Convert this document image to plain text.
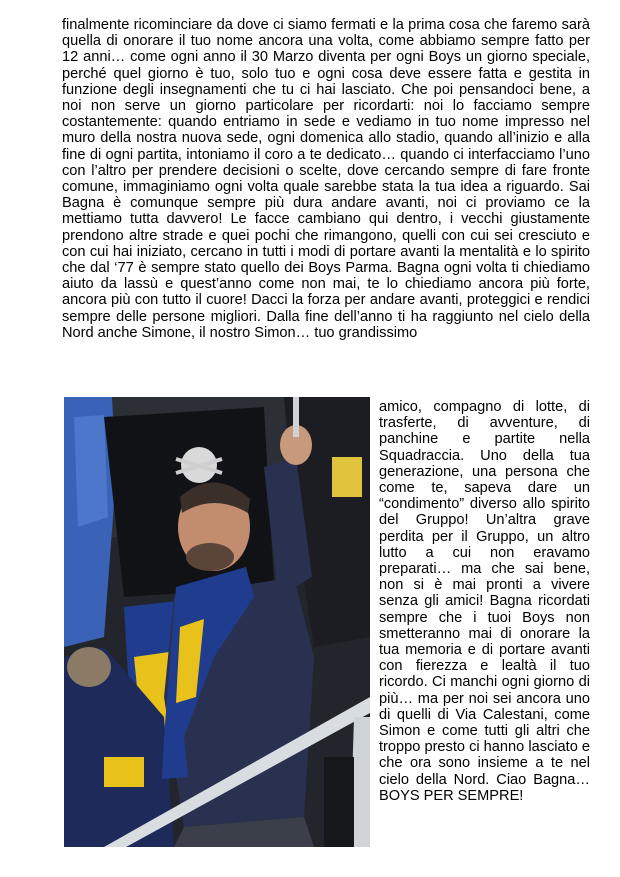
finalmente ricominciare da dove ci siamo fermati e la prima cosa che faremo sarà quella di onorare il tuo nome ancora una volta, come abbiamo sempre fatto per 12 anni… come ogni anno il 30 Marzo diventa per ogni Boys un giorno speciale, perché quel giorno è tuo, solo tuo e ogni cosa deve essere fatta e gestita in funzione degli insegnamenti che tu ci hai lasciato. Che poi pensandoci bene, a noi non serve un giorno particolare per ricordarti: noi lo facciamo sempre costantemente: quando entriamo in sede e vediamo in tuo nome impresso nel muro della nostra nuova sede, ogni domenica allo stadio, quando all’inizio e alla fine di ogni partita, intoniamo il coro a te dedicato… quando ci interfacciamo l’uno con l’altro per prendere decisioni o scelte, dove cercando sempre di fare fronte comune, immaginiamo ogni volta quale sarebbe stata la tua idea a riguardo. Sai Bagna è comunque sempre più dura andare avanti, noi ci proviamo ce la mettiamo tutta davvero! Le facce cambiano qui dentro, i vecchi giustamente prendono altre strade e quei pochi che rimangono, quelli con cui sei cresciuto e con cui hai iniziato, cercano in tutti i modi di portare avanti la mentalità e lo spirito che dal ‘77 è sempre stato quello dei Boys Parma. Bagna ogni volta ti chiediamo aiuto da lassù e quest’anno come non mai, te lo chiediamo ancora più forte, ancora più con tutto il cuore! Dacci la forza per andare avanti, proteggici e rendici sempre delle persone migliori. Dalla fine dell’anno ti ha raggiunto nel cielo della Nord anche Simone, il nostro Simon… tuo grandissimo
amico, compagno di lotte, di trasferte, di avventure, di panchine e partite nella Squadraccia. Uno della tua generazione, una persona che come te, sapeva dare un “condimento” diverso allo spirito del Gruppo! Un’altra grave perdita per il Gruppo, un altro lutto a cui non eravamo preparati… ma che sai bene, non si è mai pronti a vivere senza gli amici! Bagna ricordati sempre che i tuoi Boys non smetteranno mai di onorare la tua memoria e di portare avanti con fierezza e lealtà il tuo ricordo. Ci manchi ogni giorno di più… ma per noi sei ancora uno di quelli di Via Calestani, come Simon e come tutti gli altri che troppo presto ci hanno lasciato e che ora sono insieme a te nel cielo della Nord. Ciao Bagna… BOYS PER SEMPRE!
